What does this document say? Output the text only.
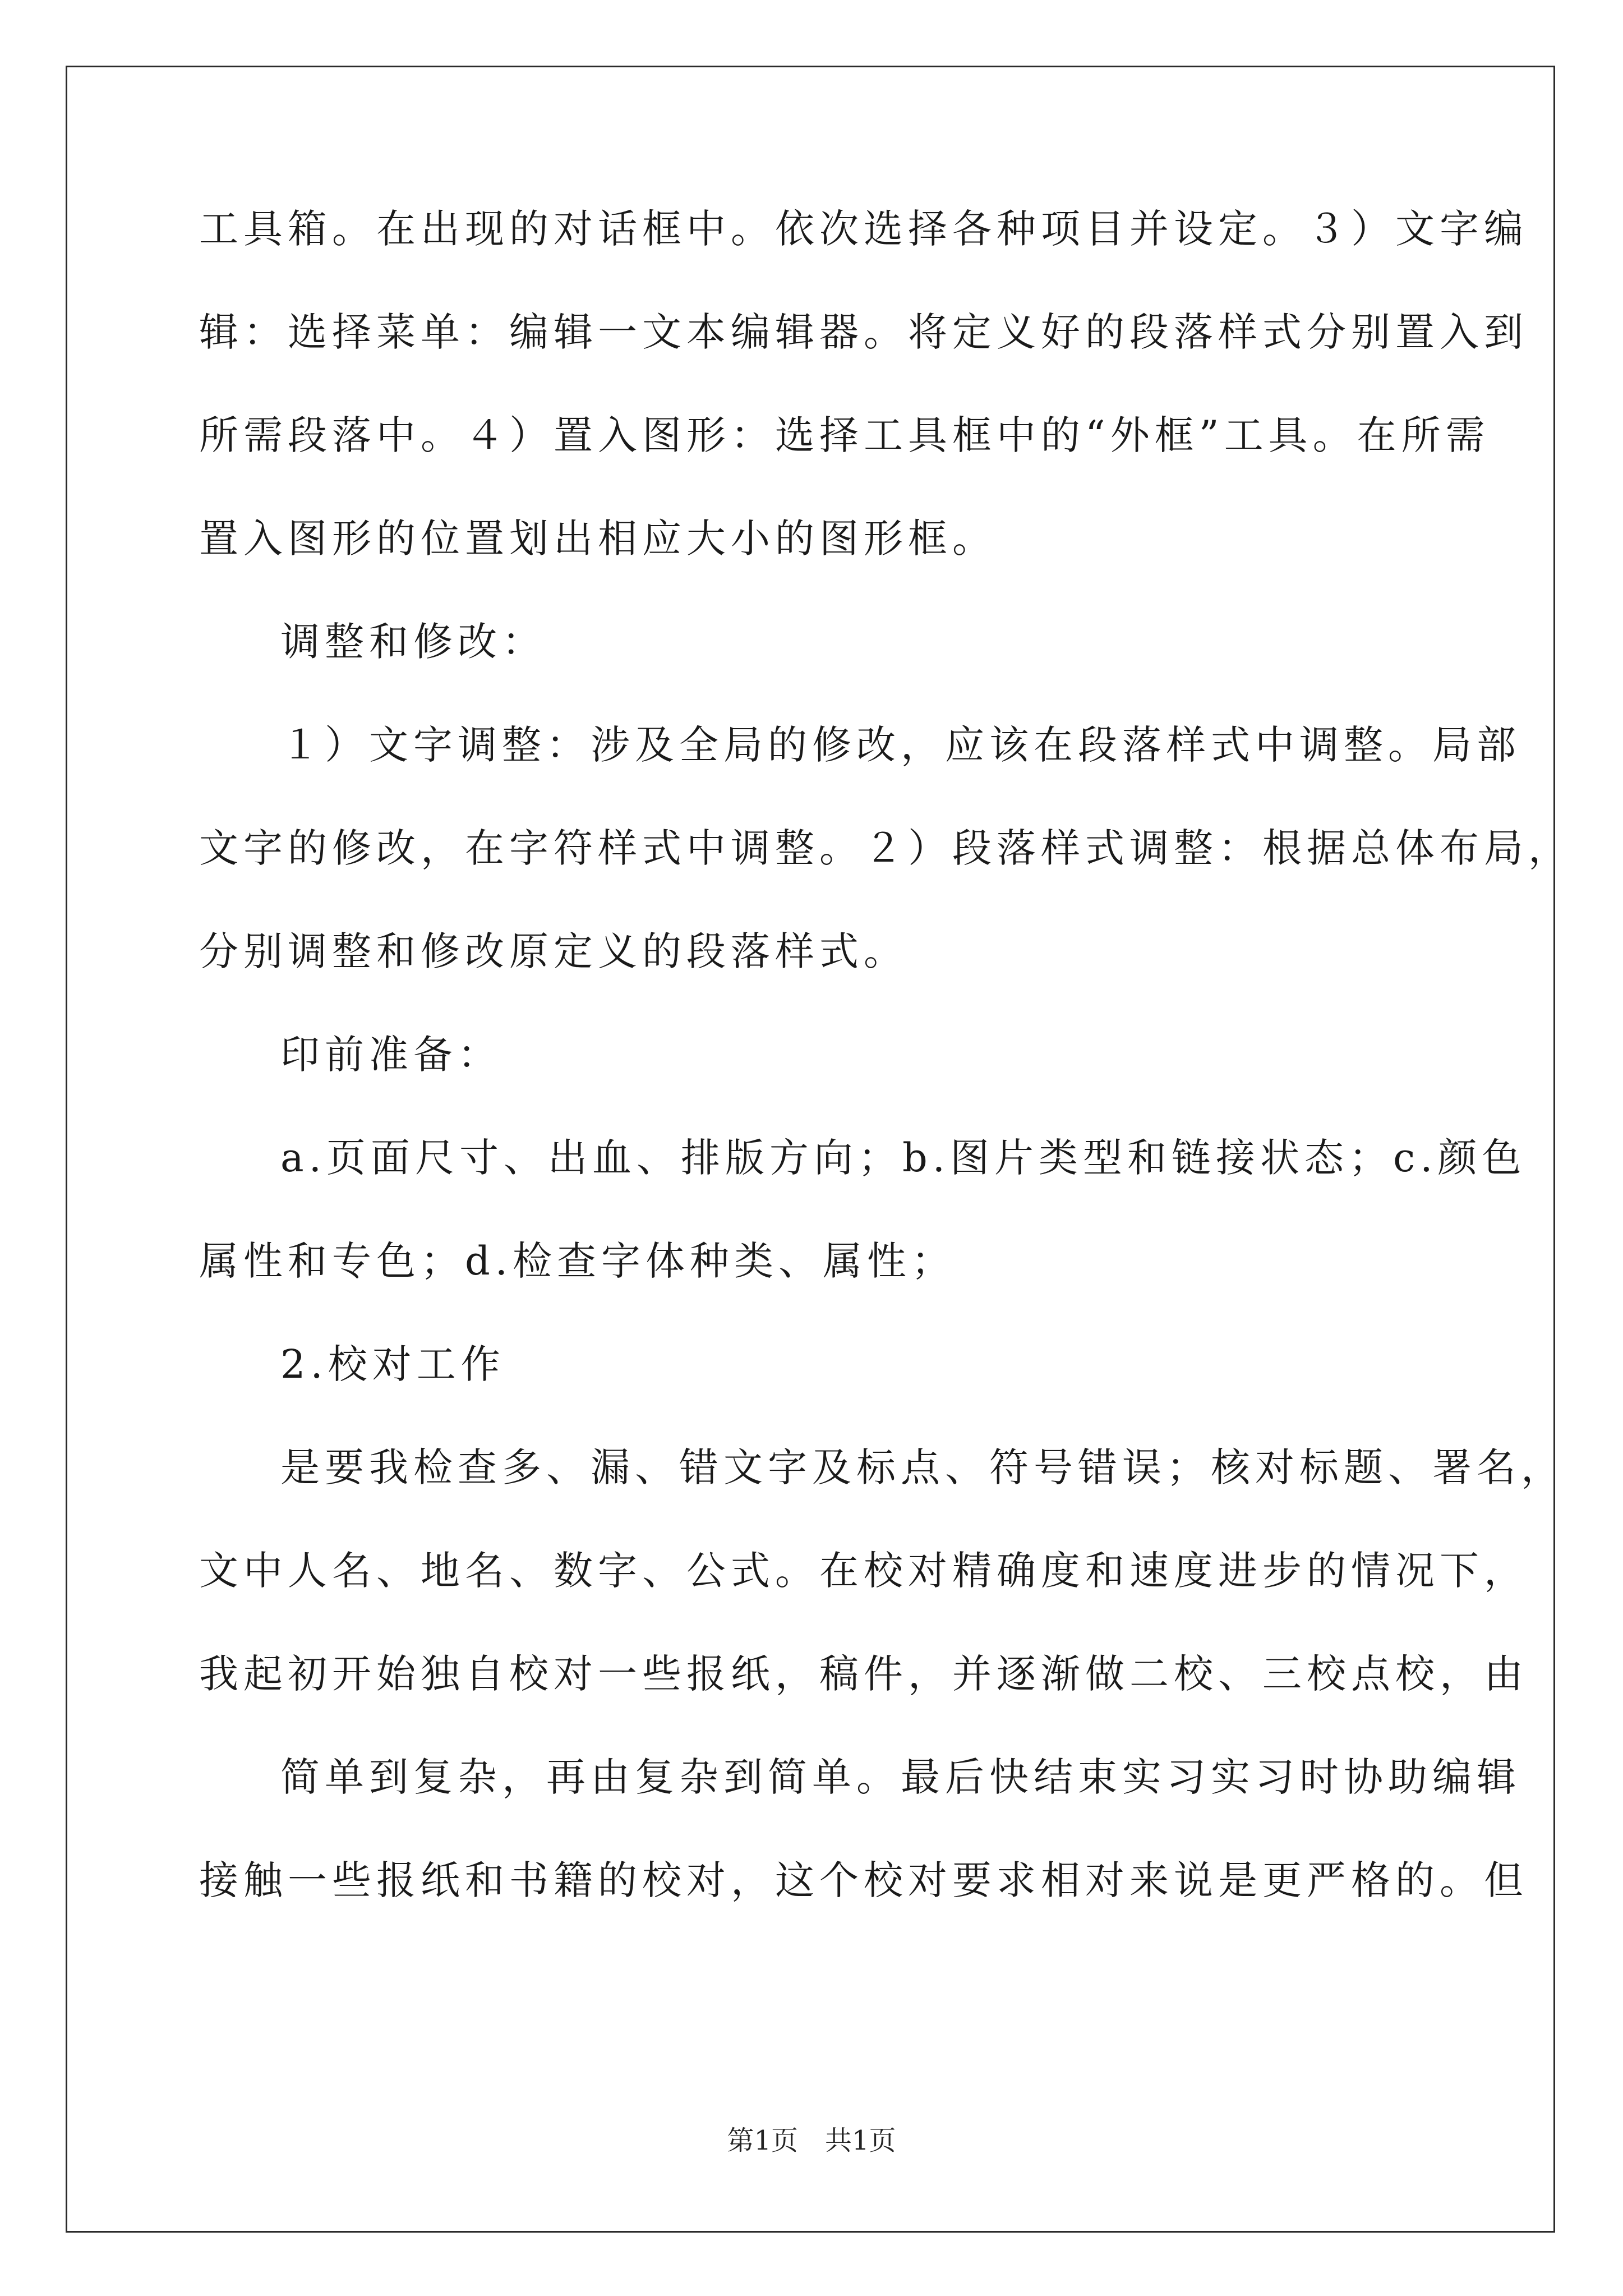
工具箱。在出现的对话框中。依次选择各种项目并设定。３）文字编
辑：选择菜单：编辑一文本编辑器。将定义好的段落样式分别置入到
所需段落中。４）置入图形：选择工具框中的“外框”工具。在所需
置入图形的位置划出相应大小的图形框。
调整和修改：
１）文字调整：涉及全局的修改，应该在段落样式中调整。局部
文字的修改，在字符样式中调整。２）段落样式调整：根据总体布局，
分别调整和修改原定义的段落样式。
印前准备：
a.页面尺寸、出血、排版方向；b.图片类型和链接状态；c.颜色
属性和专色；d.检查字体种类、属性；
2.校对工作
是要我检查多、漏、错文字及标点、符号错误；核对标题、署名，
文中人名、地名、数字、公式。在校对精确度和速度进步的情况下，
我起初开始独自校对一些报纸，稿件，并逐渐做二校、三校点校，由
简单到复杂，再由复杂到简单。最后快结束实习实习时协助编辑
接触一些报纸和书籍的校对，这个校对要求相对来说是更严格的。但
第1页 共1页
